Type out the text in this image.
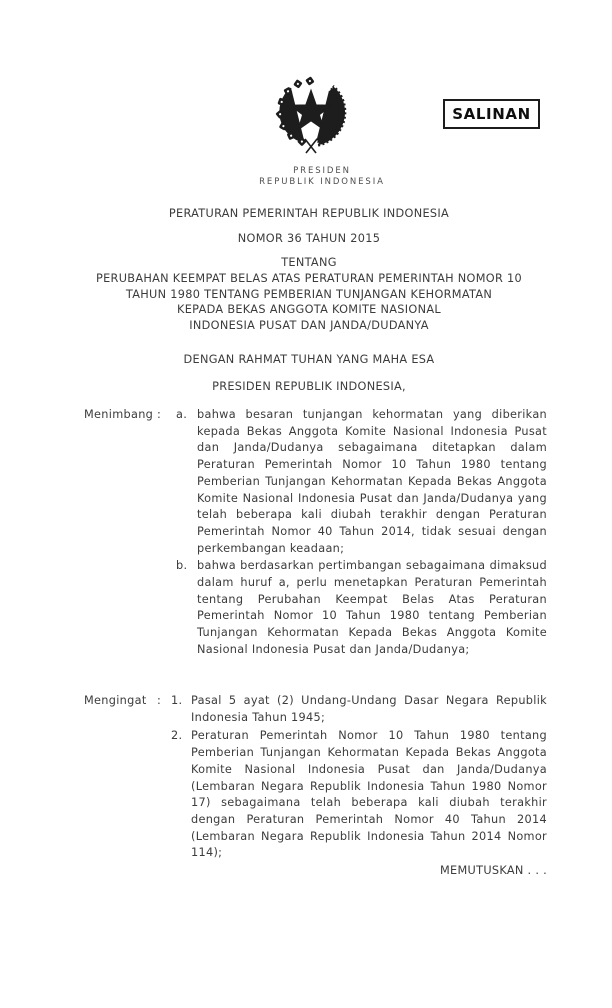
SALINAN
PRESIDEN
REPUBLIK INDONESIA
PERATURAN PEMERINTAH REPUBLIK INDONESIA
NOMOR 36 TAHUN 2015
TENTANG
PERUBAHAN KEEMPAT BELAS ATAS PERATURAN PEMERINTAH NOMOR 10
TAHUN 1980 TENTANG PEMBERIAN TUNJANGAN KEHORMATAN
KEPADA BEKAS ANGGOTA KOMITE NASIONAL
INDONESIA PUSAT DAN JANDA/DUDANYA
DENGAN RAHMAT TUHAN YANG MAHA ESA
PRESIDEN REPUBLIK INDONESIA,
Menimbang : a. bahwa besaran tunjangan kehormatan yang diberikan kepada Bekas Anggota Komite Nasional Indonesia Pusat dan Janda/Dudanya sebagaimana ditetapkan dalam Peraturan Pemerintah Nomor 10 Tahun 1980 tentang Pemberian Tunjangan Kehormatan Kepada Bekas Anggota Komite Nasional Indonesia Pusat dan Janda/Dudanya yang telah beberapa kali diubah terakhir dengan Peraturan Pemerintah Nomor 40 Tahun 2014, tidak sesuai dengan perkembangan keadaan;
b. bahwa berdasarkan pertimbangan sebagaimana dimaksud dalam huruf a, perlu menetapkan Peraturan Pemerintah tentang Perubahan Keempat Belas Atas Peraturan Pemerintah Nomor 10 Tahun 1980 tentang Pemberian Tunjangan Kehormatan Kepada Bekas Anggota Komite Nasional Indonesia Pusat dan Janda/Dudanya;
Mengingat : 1. Pasal 5 ayat (2) Undang-Undang Dasar Negara Republik Indonesia Tahun 1945;
2. Peraturan Pemerintah Nomor 10 Tahun 1980 tentang Pemberian Tunjangan Kehormatan Kepada Bekas Anggota Komite Nasional Indonesia Pusat dan Janda/Dudanya (Lembaran Negara Republik Indonesia Tahun 1980 Nomor 17) sebagaimana telah beberapa kali diubah terakhir dengan Peraturan Pemerintah Nomor 40 Tahun 2014 (Lembaran Negara Republik Indonesia Tahun 2014 Nomor 114);
MEMUTUSKAN . . .
